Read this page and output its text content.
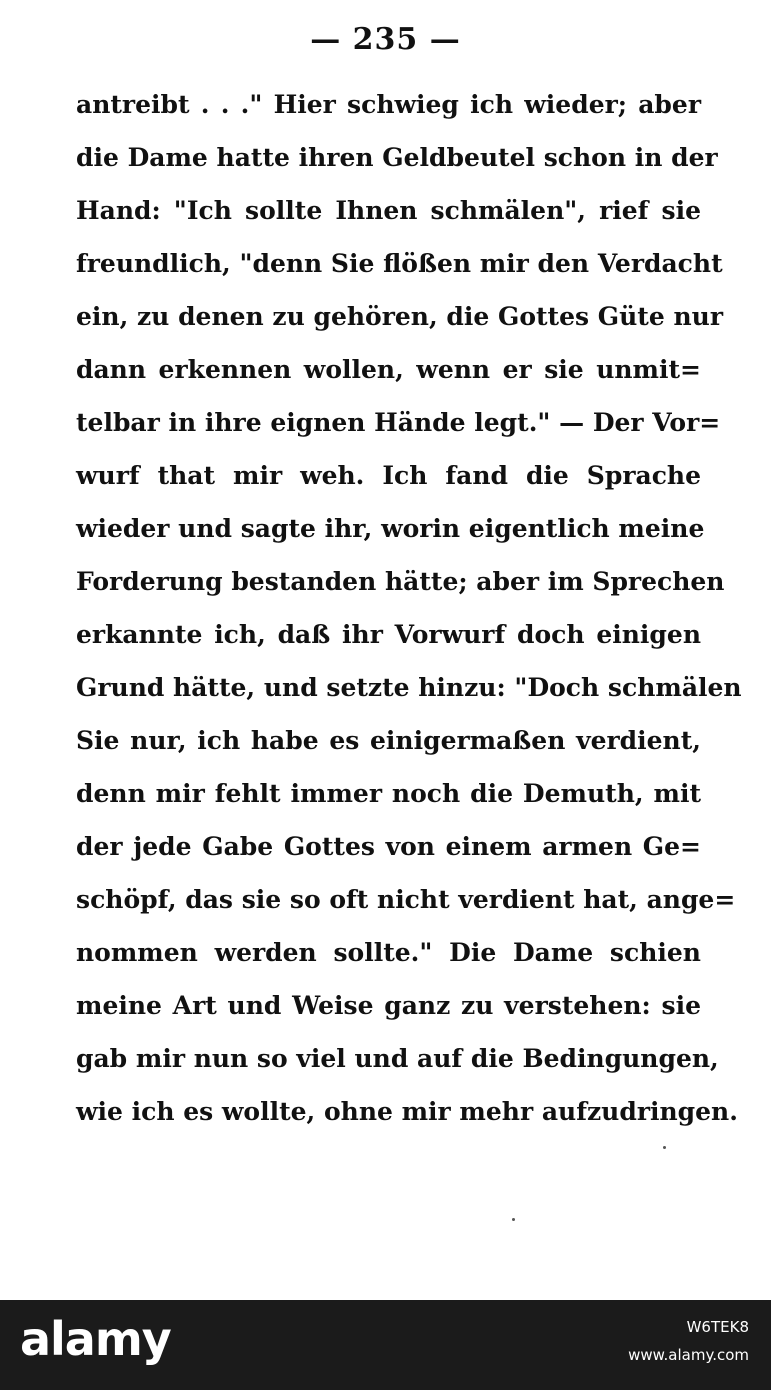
— 235 —
antreibt . . ." Hier schwieg ich wieder; aber
die Dame hatte ihren Geldbeutel schon in der
Hand: "Ich sollte Ihnen schmälen", rief sie
freundlich, "denn Sie flößen mir den Verdacht
ein, zu denen zu gehören, die Gottes Güte nur
dann erkennen wollen, wenn er sie unmit=
telbar in ihre eignen Hände legt." — Der Vor=
wurf that mir weh. Ich fand die Sprache
wieder und sagte ihr, worin eigentlich meine
Forderung bestanden hätte; aber im Sprechen
erkannte ich, daß ihr Vorwurf doch einigen
Grund hätte, und setzte hinzu: "Doch schmälen
Sie nur, ich habe es einigermaßen verdient,
denn mir fehlt immer noch die Demuth, mit
der jede Gabe Gottes von einem armen Ge=
schöpf, das sie so oft nicht verdient hat, ange=
nommen werden sollte." Die Dame schien
meine Art und Weise ganz zu verstehen: sie
gab mir nun so viel und auf die Bedingungen,
wie ich es wollte, ohne mir mehr aufzudringen.
alamy	W6TEK8
www.alamy.com
